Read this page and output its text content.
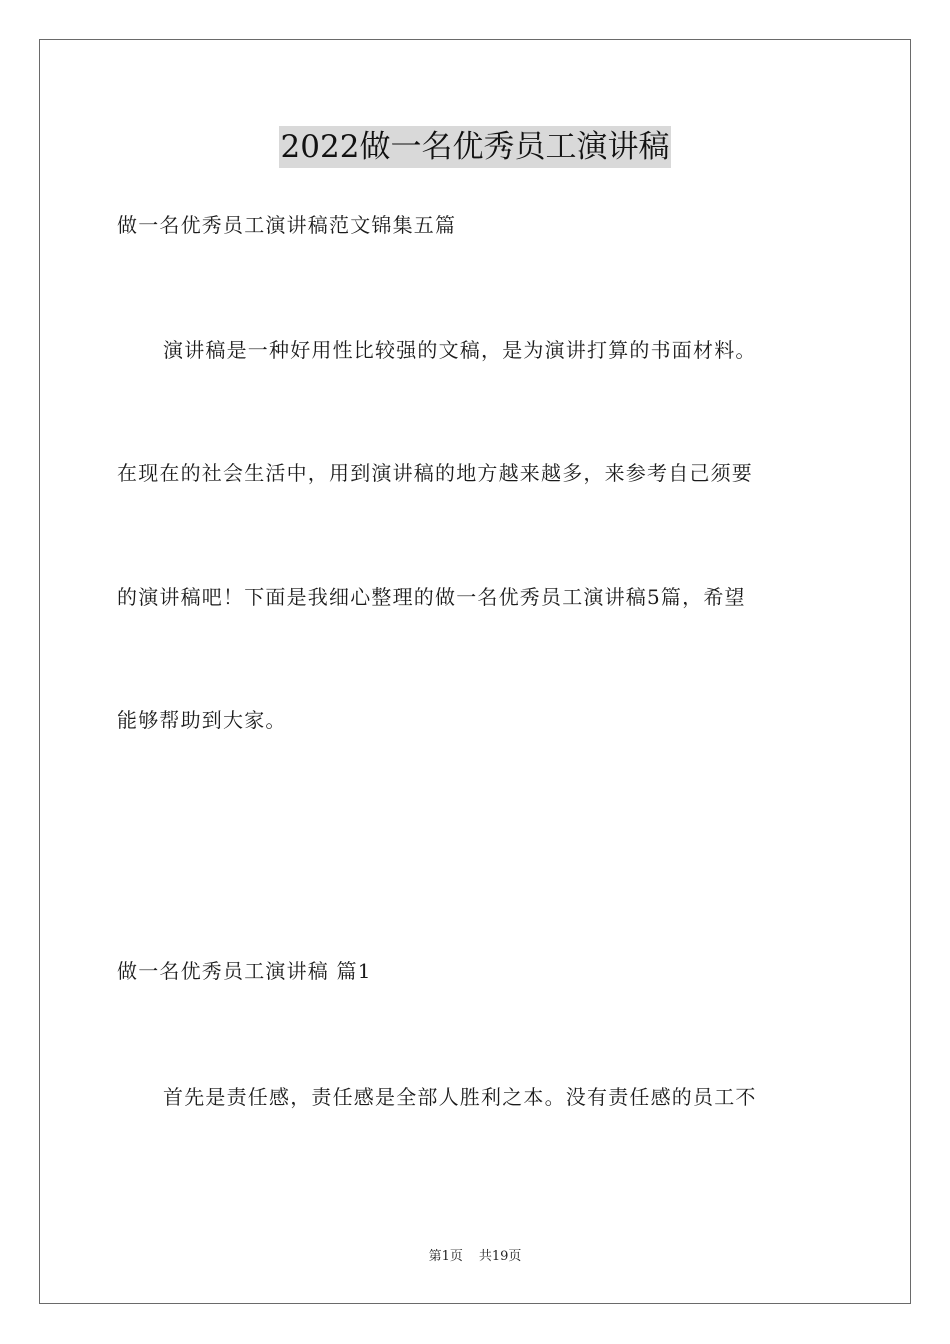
2022做一名优秀员工演讲稿
做一名优秀员工演讲稿范文锦集五篇
演讲稿是一种好用性比较强的文稿，是为演讲打算的书面材料。
在现在的社会生活中，用到演讲稿的地方越来越多，来参考自己须要
的演讲稿吧！下面是我细心整理的做一名优秀员工演讲稿5篇，希望
能够帮助到大家。
做一名优秀员工演讲稿 篇1
首先是责任感，责任感是全部人胜利之本。没有责任感的员工不
第1页 共19页
